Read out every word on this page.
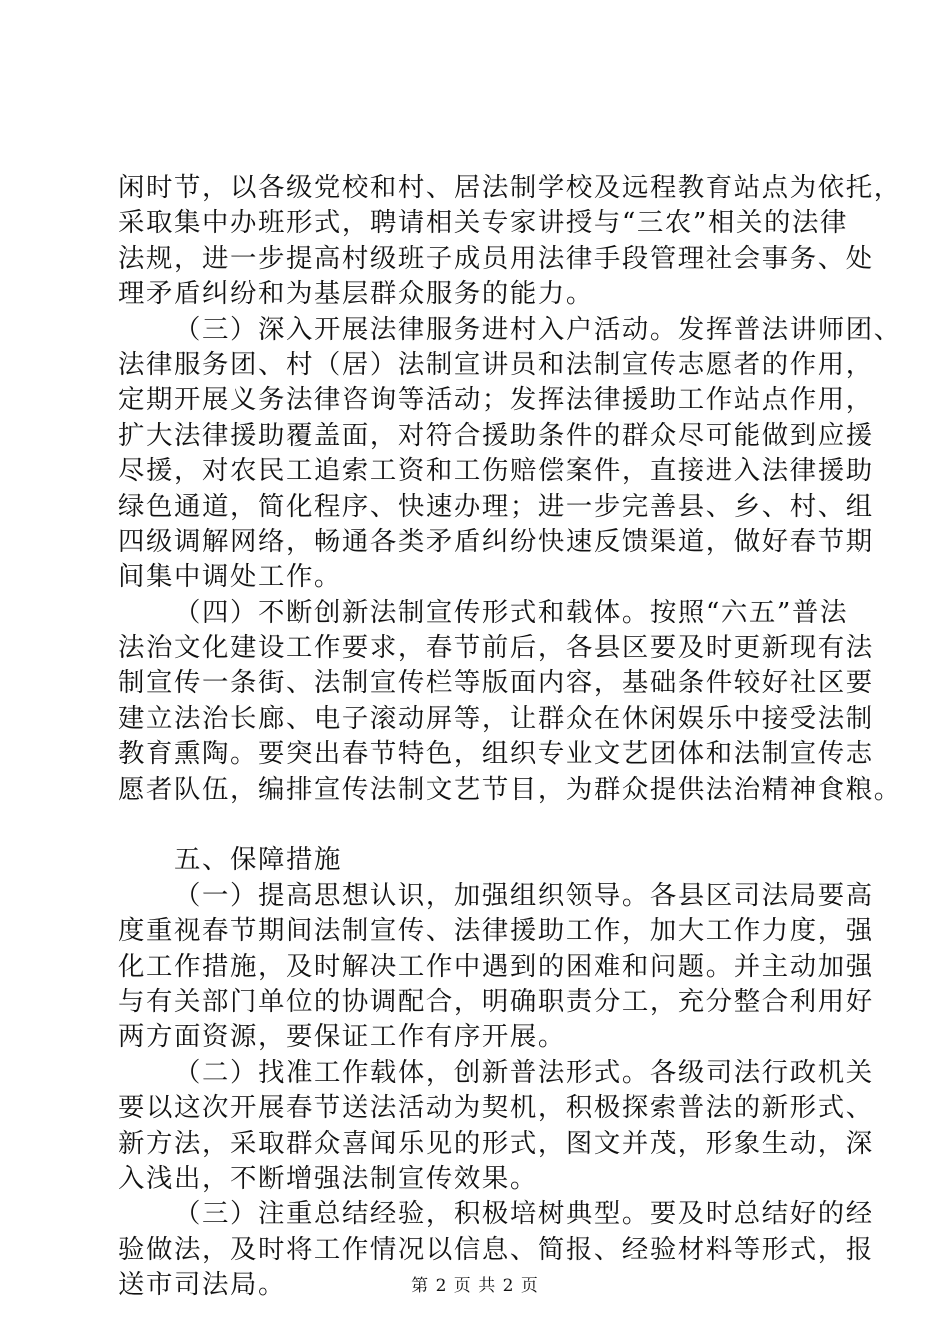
闲时节，以各级党校和村、居法制学校及远程教育站点为依托，
采取集中办班形式，聘请相关专家讲授与“三农”相关的法律
法规，进一步提高村级班子成员用法律手段管理社会事务、处
理矛盾纠纷和为基层群众服务的能力。
（三）深入开展法律服务进村入户活动。发挥普法讲师团、
法律服务团、村（居）法制宣讲员和法制宣传志愿者的作用，
定期开展义务法律咨询等活动；发挥法律援助工作站点作用，
扩大法律援助覆盖面，对符合援助条件的群众尽可能做到应援
尽援，对农民工追索工资和工伤赔偿案件，直接进入法律援助
绿色通道，简化程序、快速办理；进一步完善县、乡、村、组
四级调解网络，畅通各类矛盾纠纷快速反馈渠道，做好春节期
间集中调处工作。
（四）不断创新法制宣传形式和载体。按照“六五”普法
法治文化建设工作要求，春节前后，各县区要及时更新现有法
制宣传一条街、法制宣传栏等版面内容，基础条件较好社区要
建立法治长廊、电子滚动屏等，让群众在休闲娱乐中接受法制
教育熏陶。要突出春节特色，组织专业文艺团体和法制宣传志
愿者队伍，编排宣传法制文艺节目，为群众提供法治精神食粮。
五、保障措施
（一）提高思想认识，加强组织领导。各县区司法局要高
度重视春节期间法制宣传、法律援助工作，加大工作力度，强
化工作措施，及时解决工作中遇到的困难和问题。并主动加强
与有关部门单位的协调配合，明确职责分工，充分整合利用好
两方面资源，要保证工作有序开展。
（二）找准工作载体，创新普法形式。各级司法行政机关
要以这次开展春节送法活动为契机，积极探索普法的新形式、
新方法，采取群众喜闻乐见的形式，图文并茂，形象生动，深
入浅出，不断增强法制宣传效果。
（三）注重总结经验，积极培树典型。要及时总结好的经
验做法，及时将工作情况以信息、简报、经验材料等形式，报
送市司法局。	第 2 页 共 2 页
